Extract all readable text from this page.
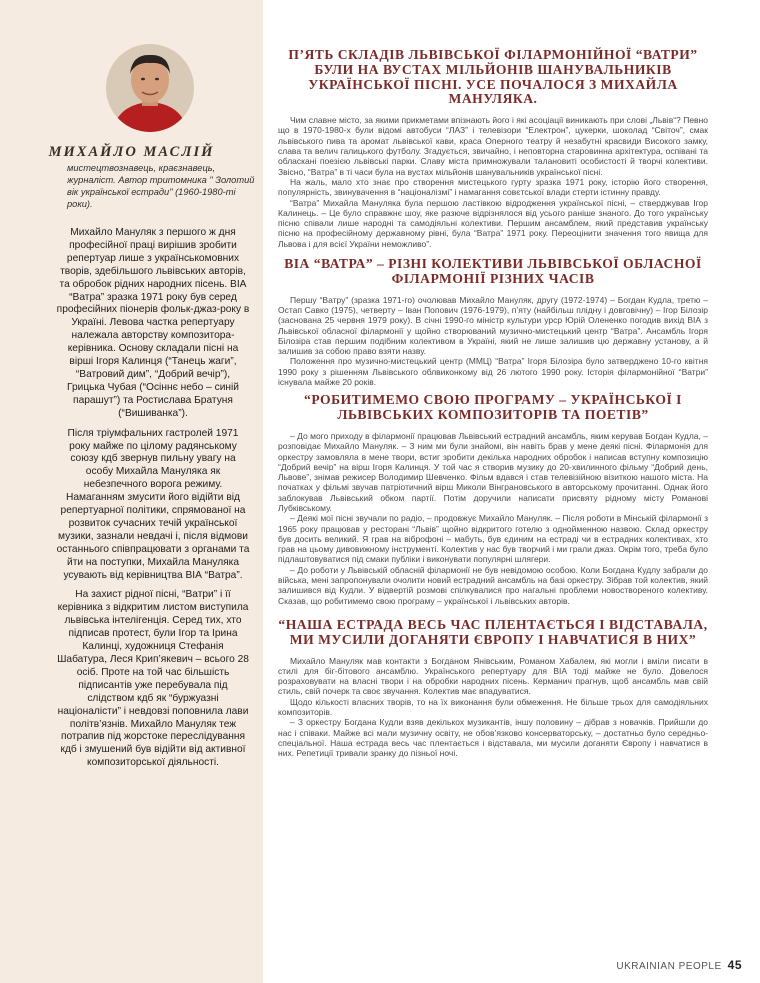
МИХАЙЛО МАСЛІЙ
мистецтвознавець, краєзнавець, журналіст. Автор тритомника " Золотий вік української естради" (1960-1980-ті роки).

Михайло Мануляк з першого ж дня професійної праці вирішив зробити репертуар лише з українськомовних творів, здебільшого львівських авторів, та обробок рідних народних пісень. ВІА “Ватра” зразка 1971 року був серед професійних піонерів фольк-джаз-року в Україні. Левова частка репертуару належала авторству композитора-керівника. Основу складали пісні на вірші Ігоря Калинця (“Танець жаги”, “Ватровий дим”, “Добрий вечір”), Грицька Чубая (“Осіннє небо – синій парашут”) та Ростислава Братуня (“Вишиванка”).

Після тріумфальних гастролей 1971 року майже по цілому радянському союзу кдб звернув пильну увагу на особу Михайла Мануляка як небезпечного ворога режиму. Намаганням змусити його відійти від репертуарної політики, спрямованої на розвиток сучасних течій української музики, зазнали невдачі і, після відмови останнього співпрацювати з органами та йти на поступки, Михайла Мануляка усувають від керівництва ВІА “Ватра”.

На захист рідної пісні, “Ватри” і її керівника з відкритим листом виступила львівська інтелігенція. Серед тих, хто підписав протест, були Ігор та Ірина Калинці, художниця Стефанія Шабатура, Леся Крип’якевич – всього 28 осіб. Проте на той час більшість підписантів уже перебувала під слідством кдб як “буржуазні націоналісти” і невдовзі поповнила лави політв’язнів. Михайло Мануляк теж потрапив під жорстоке переслідування кдб і змушений був відійти від активної композиторської діяльності.

П’ЯТЬ СКЛАДІВ ЛЬВІВСЬКОЇ ФІЛАРМОНІЙНОЇ “ВАТРИ” БУЛИ НА ВУСТАХ МІЛЬЙОНІВ ШАНУВАЛЬНИКІВ УКРАЇНСЬКОЇ ПІСНІ. УСЕ ПОЧАЛОСЯ З МИХАЙЛА МАНУЛЯКА.

Чим славне місто, за якими прикметами впізнають його і які асоціації виникають при слові „Львів“? Певно що в 1970-1980-х були відомі автобуси “ЛАЗ” і телевізори “Електрон”, цукерки, шоколад “Світоч”, смак львівського пива та аромат львівської кави, краса Оперного театру й незабутні красвиди Високого замку, слава та велич галицького футболу. Згадується, звичайно, і неповторна старовинна архітектура, оспівані та обласкані поезією львівські парки. Славу міста примножували талановиті особистості й творчі колективи. Звісно, “Ватра” в ті часи була на вустах мільйонів шанувальників української пісні.

На жаль, мало хто знає про створення мистецького гурту зразка 1971 року, історію його створення, популярність, звинувачення в “націоналізмі” і намагання совєтської влади стерти істинну правду.

“Ватра” Михайла Мануляка була першою ластівкою відродження української пісні, – стверджував Ігор Калинець. – Це було справжнє шоу, яке разюче відрізнялося від усього раніше знаного. До того українську пісню співали лише народні та самодіяльні колективи. Першим ансамблем, який представив українську пісню на професійному державному рівні, була “Ватра” 1971 року. Переоцінити значення того явища для Львова і для всієї України неможливо”.

ВІА “ВАТРА” – РІЗНІ КОЛЕКТИВИ ЛЬВІВСЬКОЇ ОБЛАСНОЇ ФІЛАРМОНІЇ РІЗНИХ ЧАСІВ

Першу “Ватру” (зразка 1971-го) очолював Михайло Мануляк, другу (1972-1974) – Богдан Кудла, третю – Остап Савко (1975), четверту – Іван Попович (1976-1979), п’яту (найбільш плідну і довговічну) – Ігор Білозір (заснована 25 червня 1979 року). В січні 1990-го міністр культури урср Юрій Олененко погодив вихід ВІА з Львівської обласної філармонії у щойно створюваний музично-мистецький центр “Ватра”. Ансамбль Ігоря Білозіра став першим подібним колективом в Україні, який не лише залишив цю державну установу, а й залишив за собою право взяти назву.

Положення про музично-мистецький центр (ММЦ) “Ватра” Ігоря Білозіра було затверджено 10-го квітня 1990 року з рішенням Львівського облвиконкому від 26 лютого 1990 року. Історія філармонійної “Ватри” існувала майже 20 років.

“РОБИТИМЕМО СВОЮ ПРОГРАМУ – УКРАЇНСЬКОЇ І ЛЬВІВСЬКИХ КОМПОЗИТОРІВ ТА ПОЕТІВ”

– До мого приходу в філармонії працював Львівський естрадний ансамбль, яким керував Богдан Кудла, – розповідає Михайло Мануляк. – З ним ми були знайомі, він навіть брав у мене деякі пісні. Філармонія для оркестру замовляла в мене твори, встиг зробити декілька народних обробок і написав вступну композицію “Добрий вечір” на вірш Ігоря Калинця. У той час я створив музику до 20-хвилинного фільму “Добрий день, Львове”, знімав режисер Володимир Шевченко. Фільм вдався і став телевізійною візиткою нашого міста. На початках у фільмі звучав патріотичний вірш Миколи Вінграновського в авторському прочитанні. Однак його заблокував Львівський обком партії. Потім доручили написати присвяту рідному місту Романові Лубківському.

– Деякі мої пісні звучали по радіо, – продовжує Михайло Мануляк. – Після роботи в Мінській філармонії з 1965 року працював у ресторані “Львів” щойно відкритого готелю з однойменною назвою. Склад оркестру був досить великий. Я грав на віброфоні – мабуть, був єдиним на естраді чи в естрадних колективах, хто грав на цьому дивовижному інструменті. Колектив у нас був творчий і ми грали джаз. Окрім того, треба було підлаштовуватися під смаки публіки і виконувати популярні шлягери.

– До роботи у Львівській обласній філармонії не був невідомою особою. Коли Богдана Кудлу забрали до війська, мені запропонували очолити новий естрадний ансамбль на базі оркестру. Зібрав той колектив, який залишився від Кудли. У відвертій розмові спілкувалися про нагальні проблеми новоствореного колективу. Сказав, що робитимемо свою програму – української і львівських авторів.

“НАША ЕСТРАДА ВЕСЬ ЧАС ПЛЕНТАЄТЬСЯ І ВІДСТАВАЛА, МИ МУСИЛИ ДОГАНЯТИ ЄВРОПУ І НАВЧАТИСЯ В НИХ”

Михайло Мануляк мав контакти з Богданом Янівським, Романом Хабалем, які могли і вміли писати в стилі для біг-бітового ансамблю. Українського репертуару для ВІА тоді майже не було. Довелося розраховувати на власні твори і на обробки народних пісень. Керманич прагнув, щоб ансамбль мав свій стиль, свій почерк та своє звучання. Колектив має впадуватися.

Щодо кількості власних творів, то на їх виконання були обмеження. Не більше трьох для самодіяльних композиторів.

– З оркестру Богдана Кудли взяв декількох музикантів, іншу половину – дібрав з новачків. Прийшли до нас і співаки. Майже всі мали музичну освіту, не обов’язково консерваторську, – достатньо було середньо-спеціальної. Наша естрада весь час плентається і відставала, ми мусили доганяти Європу і навчатися в них. Репетиції тривали зранку до пізньої ночі.

UKRAINIAN PEOPLE 45
